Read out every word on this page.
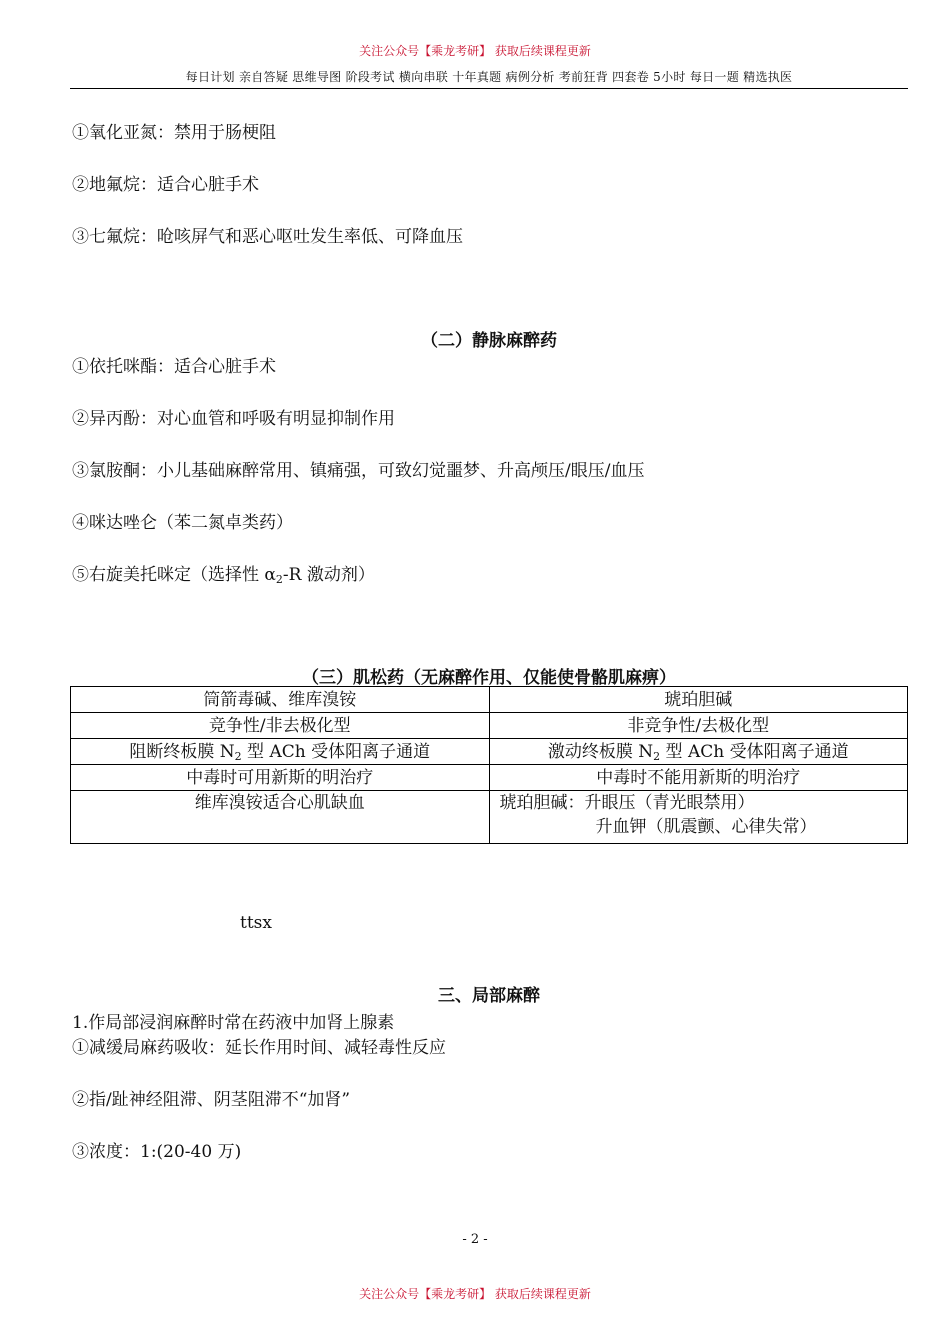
关注公众号【乘龙考研】 获取后续课程更新
每日计划 亲自答疑 思维导图 阶段考试 横向串联 十年真题 病例分析 考前狂背 四套卷 5小时 每日一题 精选执医
①氧化亚氮：禁用于肠梗阻
②地氟烷：适合心脏手术
③七氟烷：呛咳屏气和恶心呕吐发生率低、可降血压
（二）静脉麻醉药
①依托咪酯：适合心脏手术
②异丙酚：对心血管和呼吸有明显抑制作用
③氯胺酮：小儿基础麻醉常用、镇痛强，可致幻觉噩梦、升高颅压/眼压/血压
④咪达唑仑（苯二氮卓类药）
⑤右旋美托咪定（选择性 $\alpha_2-R$ 激动剂）
（三）肌松药（无麻醉作用、仅能使骨骼肌麻痹）
筒箭毒碱、维库溴铵	琥珀胆碱
竞争性/非去极化型	非竞争性/去极化型
阻断终板膜 $N_2$ 型 ACh 受体阳离子通道	激动终板膜 $N_2$ 型 ACh 受体阳离子通道
中毒时可用新斯的明治疗	中毒时不能用新斯的明治疗
维库溴铵适合心肌缺血	琥珀胆碱：升眼压（青光眼禁用）
升血钾（肌震颤、心律失常）
ttsx
三、局部麻醉
1.作局部浸润麻醉时常在药液中加肾上腺素
①减缓局麻药吸收：延长作用时间、减轻毒性反应
②指/趾神经阻滞、阴茎阻滞不“加肾”
③浓度：1:(20-40 万)
- 2 -
关注公众号【乘龙考研】 获取后续课程更新
